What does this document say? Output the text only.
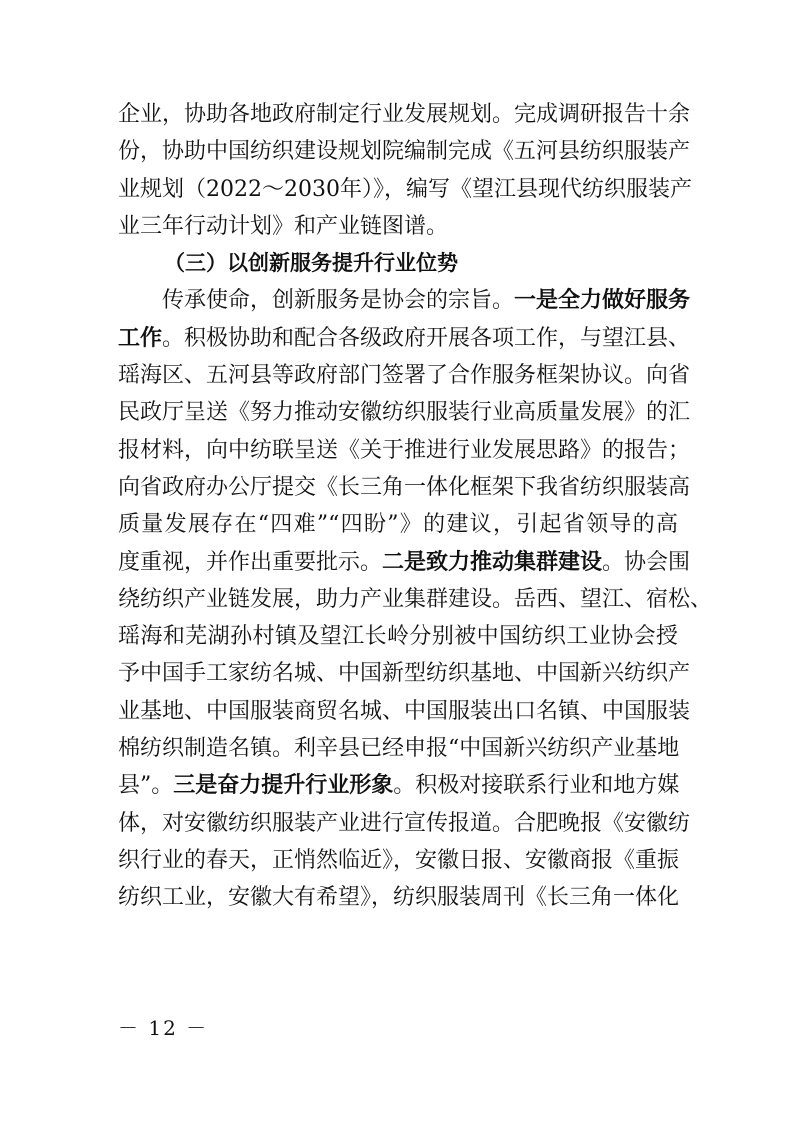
企业，协助各地政府制定行业发展规划。完成调研报告十余
份，协助中国纺织建设规划院编制完成《五河县纺织服装产
业规划（2022～2030年）》，编写《望江县现代纺织服装产
业三年行动计划》和产业链图谱。
（三）以创新服务提升行业位势
传承使命，创新服务是协会的宗旨。一是全力做好服务
工作。积极协助和配合各级政府开展各项工作，与望江县、
瑶海区、五河县等政府部门签署了合作服务框架协议。向省
民政厅呈送《努力推动安徽纺织服装行业高质量发展》的汇
报材料，向中纺联呈送《关于推进行业发展思路》的报告；
向省政府办公厅提交《长三角一体化框架下我省纺织服装高
质量发展存在“四难”“四盼”》的建议，引起省领导的高
度重视，并作出重要批示。二是致力推动集群建设。协会围
绕纺织产业链发展，助力产业集群建设。岳西、望江、宿松、
瑶海和芜湖孙村镇及望江长岭分别被中国纺织工业协会授
予中国手工家纺名城、中国新型纺织基地、中国新兴纺织产
业基地、中国服装商贸名城、中国服装出口名镇、中国服装
棉纺织制造名镇。利辛县已经申报“中国新兴纺织产业基地
县”。三是奋力提升行业形象。积极对接联系行业和地方媒
体，对安徽纺织服装产业进行宣传报道。合肥晚报《安徽纺
织行业的春天，正悄然临近》，安徽日报、安徽商报《重振
纺织工业，安徽大有希望》，纺织服装周刊《长三角一体化
－ 12 －
